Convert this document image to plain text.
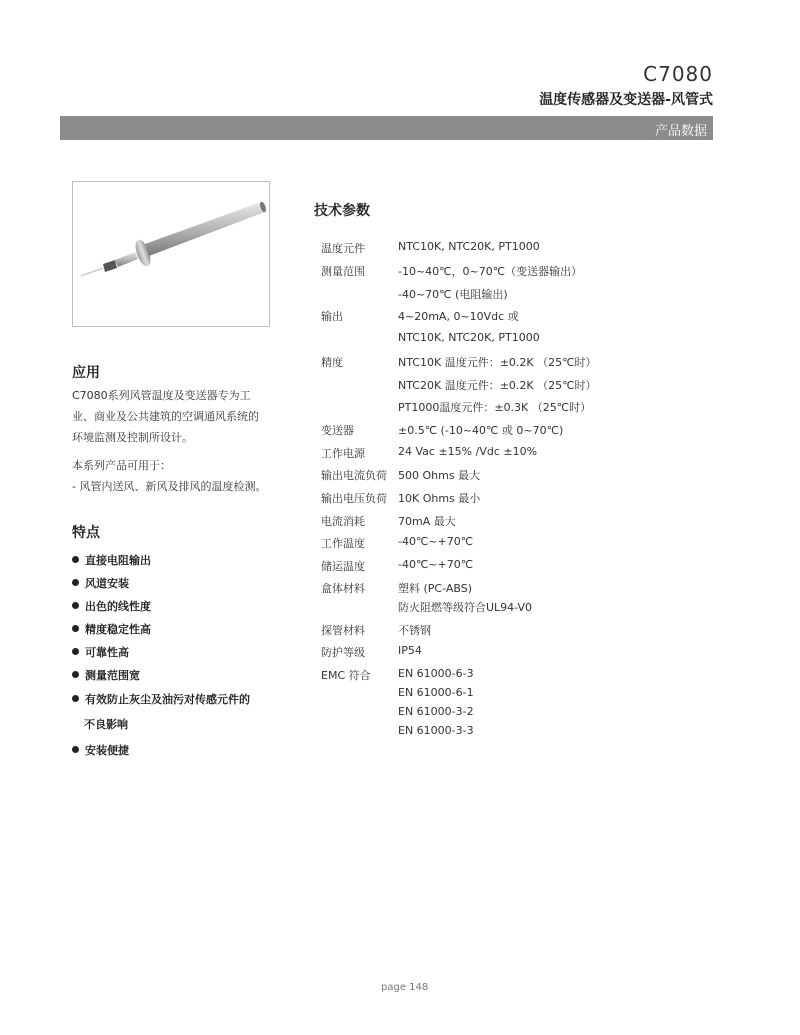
C7080
温度传感器及变送器-风管式
产品数据
应用
C7080系列风管温度及变送器专为工
业、商业及公共建筑的空调通风系统的
环境监测及控制所设计。
本系列产品可用于：
- 风管内送风、新风及排风的温度检测。
特点
直接电阻输出
风道安装
出色的线性度
精度稳定性高
可靠性高
测量范围宽
有效防止灰尘及油污对传感元件的
不良影响
安装便捷
技术参数
温度元件	NTC10K, NTC20K, PT1000
测量范围	-10~40℃，0~70℃（变送器输出）
-40~70℃ (电阻输出)
输出	4~20mA, 0~10Vdc 或
NTC10K, NTC20K, PT1000
精度	NTC10K 温度元件：±0.2K （25℃时）
NTC20K 温度元件：±0.2K （25℃时）
PT1000温度元件：±0.3K （25℃时）
变送器	±0.5℃ (-10~40℃ 或 0~70℃)
工作电源	24 Vac ±15% /Vdc ±10%
输出电流负荷 500 Ohms 最大
输出电压负荷 10K Ohms 最小
电流消耗	70mA 最大
工作温度	-40℃~+70℃
储运温度	-40℃~+70℃
盒体材料	塑料 (PC-ABS)
防火阻燃等级符合UL94-V0
探管材料	不锈钢
防护等级	IP54
EMC 符合 EN 61000-6-3
EN 61000-6-1
EN 61000-3-2
EN 61000-3-3
page 148
